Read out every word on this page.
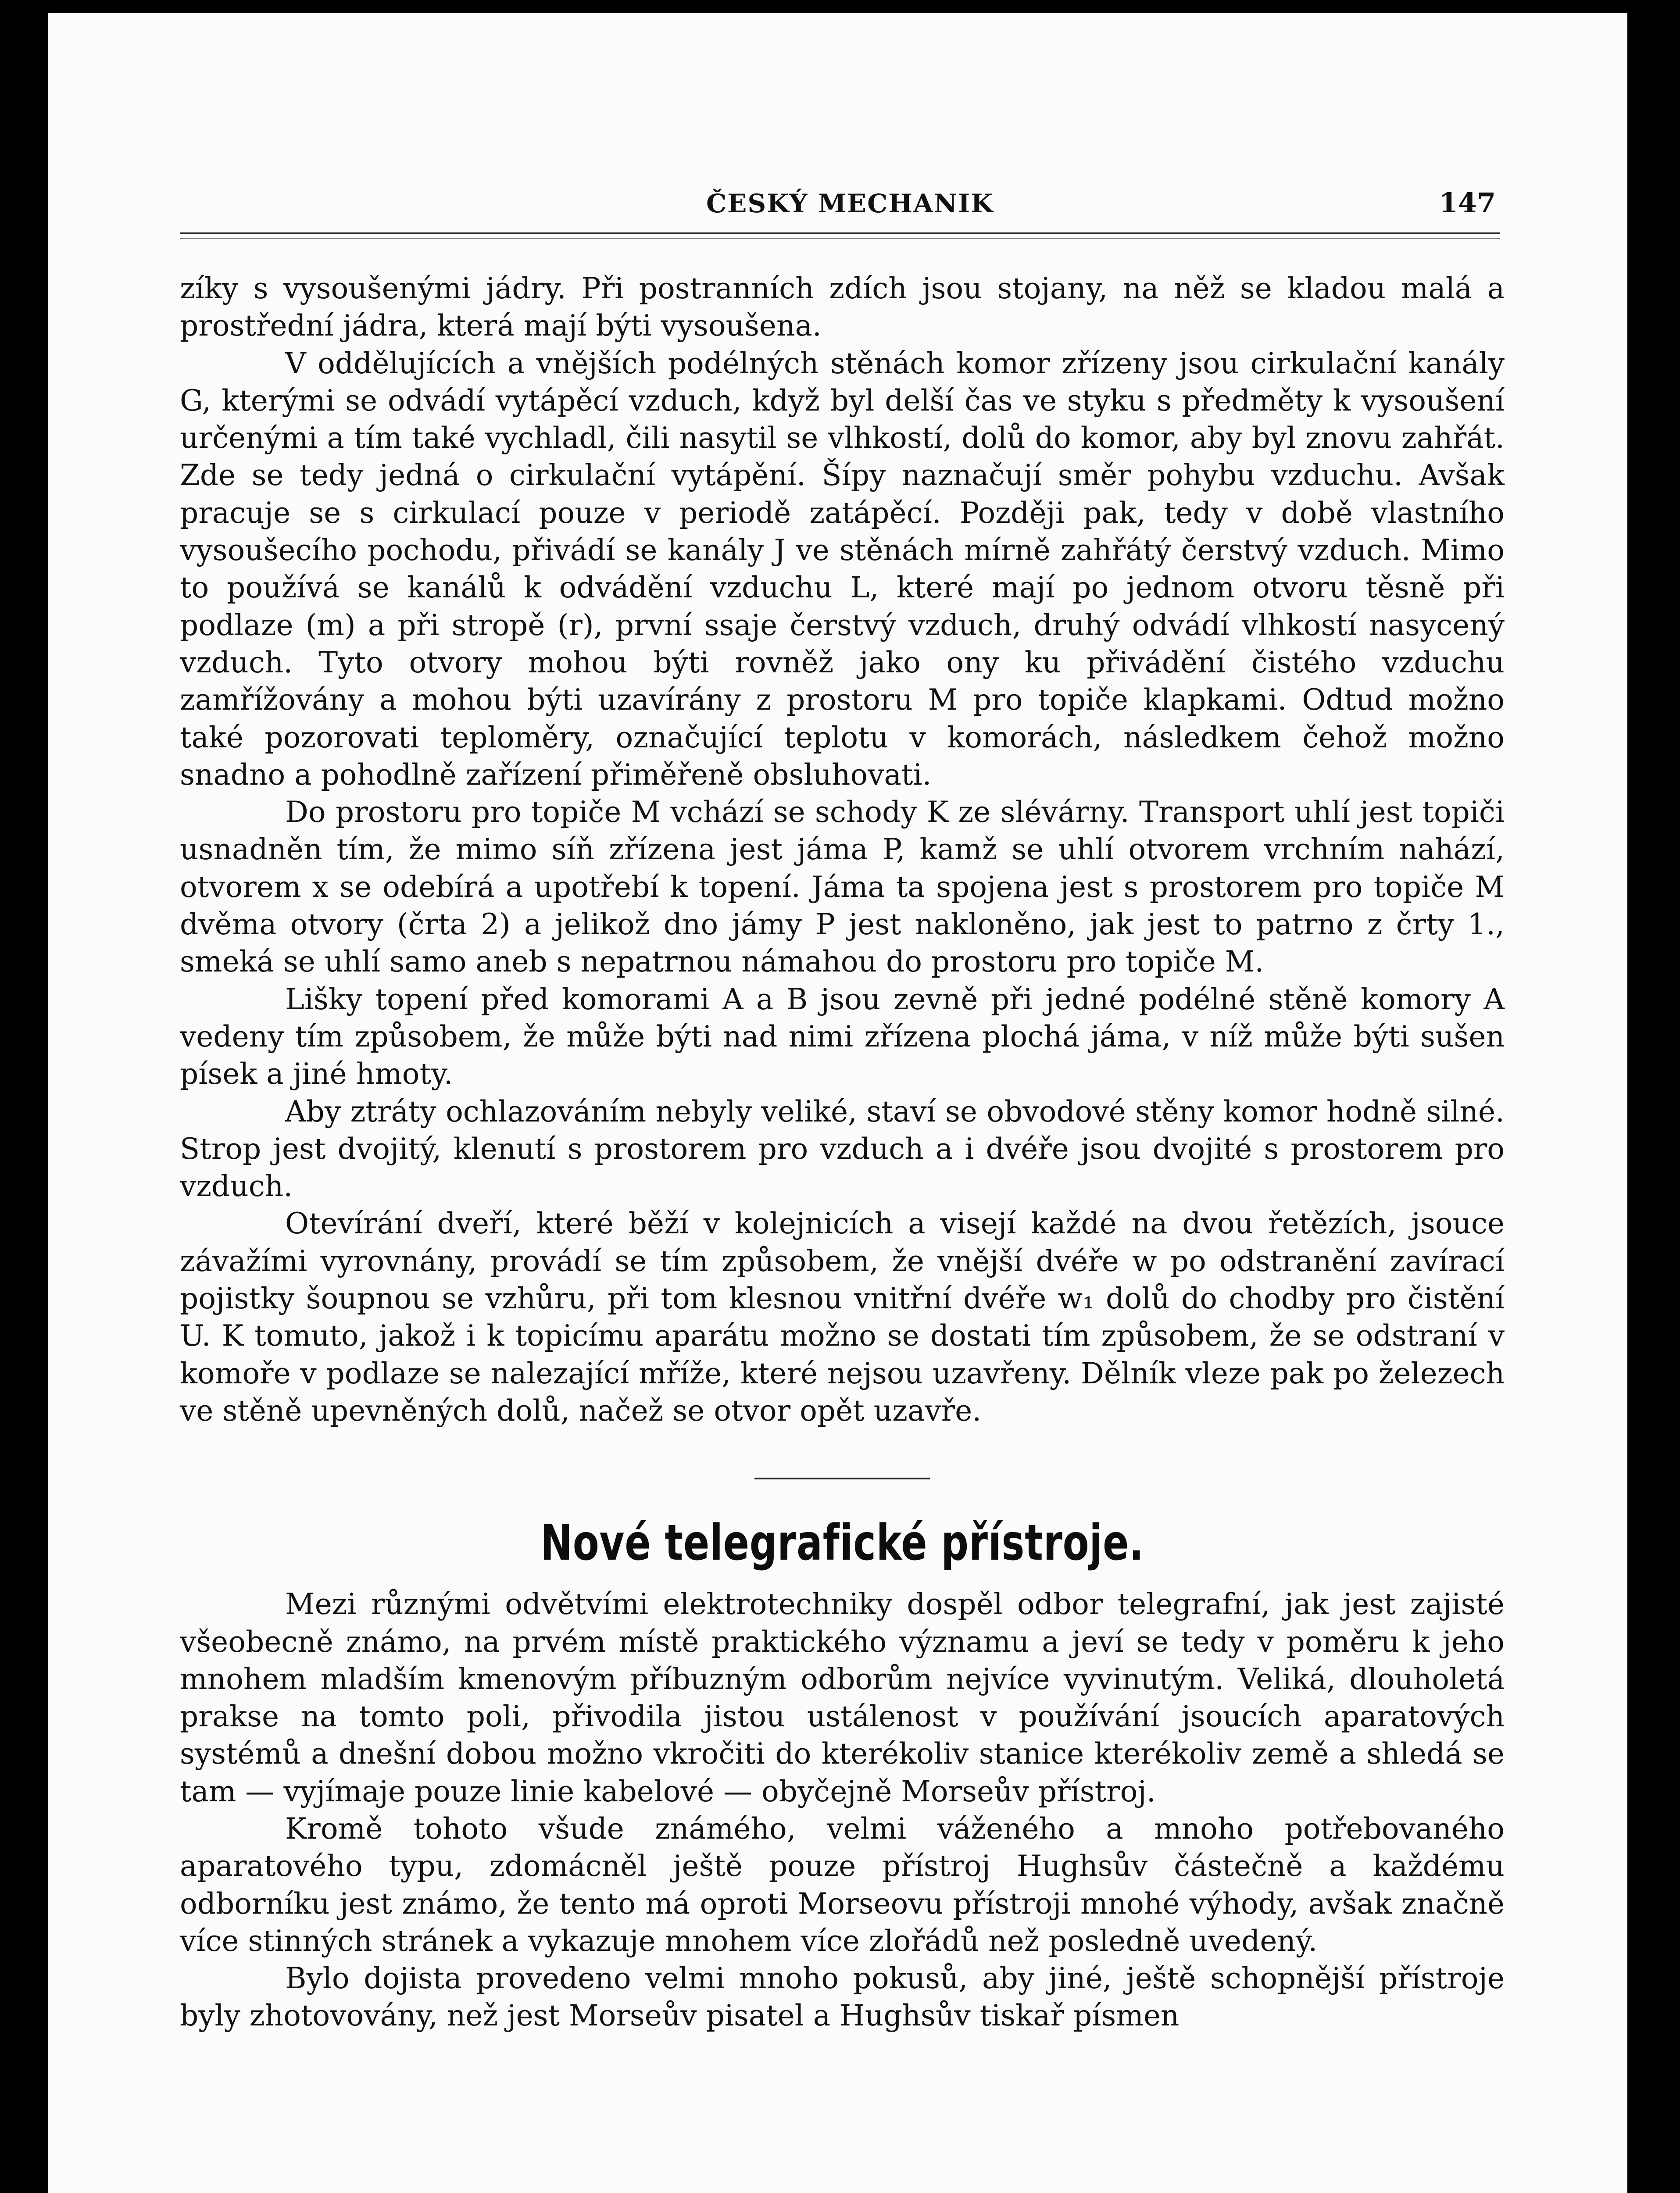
ČESKÝ MECHANIK	147

zíky s vysoušenými jádry. Při postranních zdích jsou stojany, na něž se kladou malá a prostřední jádra, která mají býti vysoušena.

V oddělujících a vnějších podélných stěnách komor zřízeny jsou cirkulační kanály G, kterými se odvádí vytápěcí vzduch, když byl delší čas ve styku s předměty k vysoušení určenými a tím také vychladl, čili nasytil se vlhkostí, dolů do komor, aby byl znovu zahřát. Zde se tedy jedná o cirkulační vytápění. Šípy naznačují směr pohybu vzduchu. Avšak pracuje se s cirkulací pouze v periodě zatápěcí. Později pak, tedy v době vlastního vysoušecího pochodu, přivádí se kanály J ve stěnách mírně zahřátý čerstvý vzduch. Mimo to používá se kanálů k odvádění vzduchu L, které mají po jednom otvoru těsně při podlaze (m) a při stropě (r), první ssaje čerstvý vzduch, druhý odvádí vlhkostí nasycený vzduch. Tyto otvory mohou býti rovněž jako ony ku přivádění čistého vzduchu zamřížovány a mohou býti uzavírány z prostoru M pro topiče klapkami. Odtud možno také pozorovati teploměry, označující teplotu v komorách, následkem čehož možno snadno a pohodlně zařízení přiměřeně obsluhovati.

Do prostoru pro topiče M vchází se schody K ze slévárny. Transport uhlí jest topiči usnadněn tím, že mimo síň zřízena jest jáma P, kamž se uhlí otvorem vrchním nahází, otvorem x se odebírá a upotřebí k topení. Jáma ta spojena jest s prostorem pro topiče M dvěma otvory (črta 2) a jelikož dno jámy P jest nakloněno, jak jest to patrno z črty 1., smeká se uhlí samo aneb s nepatrnou námahou do prostoru pro topiče M.

Lišky topení před komorami A a B jsou zevně při jedné podélné stěně komory A vedeny tím způsobem, že může býti nad nimi zřízena plochá jáma, v níž může býti sušen písek a jiné hmoty.

Aby ztráty ochlazováním nebyly veliké, staví se obvodové stěny komor hodně silné. Strop jest dvojitý, klenutí s prostorem pro vzduch a i dvéře jsou dvojité s prostorem pro vzduch.

Otevírání dveří, které běží v kolejnicích a visejí každé na dvou řetězích, jsouce závažími vyrovnány, provádí se tím způsobem, že vnější dvéře w po odstranění zavírací pojistky šoupnou se vzhůru, při tom klesnou vnitřní dvéře w₁ dolů do chodby pro čistění U. K tomuto, jakož i k topicímu aparátu možno se dostati tím způsobem, že se odstraní v komoře v podlaze se nalezající mříže, které nejsou uzavřeny. Dělník vleze pak po železech ve stěně upevněných dolů, načež se otvor opět uzavře.

Nové telegrafické přístroje.

Mezi různými odvětvími elektrotechniky dospěl odbor telegrafní, jak jest zajisté všeobecně známo, na prvém místě praktického významu a jeví se tedy v poměru k jeho mnohem mladším kmenovým příbuzným odborům nejvíce vyvinutým. Veliká, dlouholetá prakse na tomto poli, přivodila jistou ustálenost v používání jsoucích aparatových systémů a dnešní dobou možno vkročiti do kterékoliv stanice kterékoliv země a shledá se tam — vyjímaje pouze linie kabelové — obyčejně Morseův přístroj.

Kromě tohoto všude známého, velmi váženého a mnoho potřebovaného aparatového typu, zdomácněl ještě pouze přístroj Hughsův částečně a každému odborníku jest známo, že tento má oproti Morseovu přístroji mnohé výhody, avšak značně více stinných stránek a vykazuje mnohem více zlořádů než posledně uvedený.

Bylo dojista provedeno velmi mnoho pokusů, aby jiné, ještě schopnější přístroje byly zhotovovány, než jest Morseův pisatel a Hughsův tiskař písmen
